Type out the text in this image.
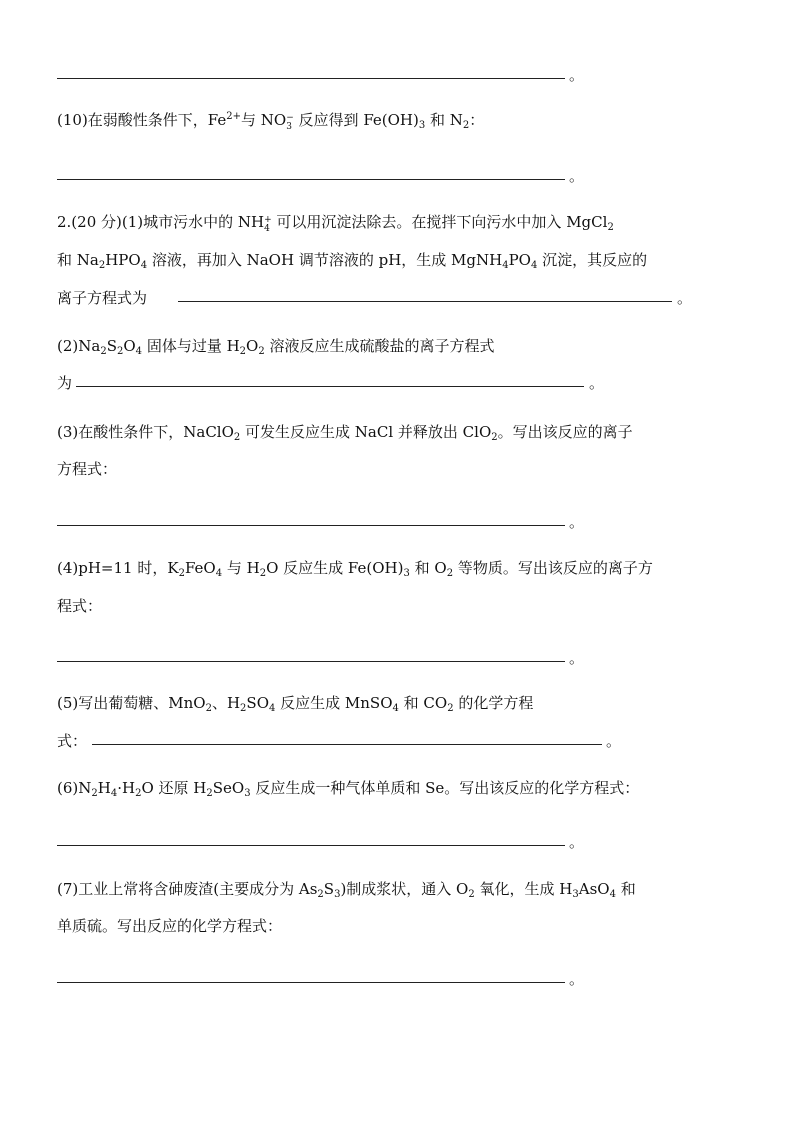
。
(10)在弱酸性条件下，$Fe^{2+}$与 NO −
3 反应得到 $Fe(OH)_3$ 和 $N_2$：
。
2.(20 分)(1)城市污水中的 NH +
4 可以用沉淀法除去。在搅拌下向污水中加入 MgCl$_2$
和 $Na_2HPO_4$ 溶液，再加入 NaOH 调节溶液的 pH，生成 $MgNH_4PO_4$ 沉淀，其反应的
离子方程式为	。
$(2)Na_2S_2O_4$ 固体与过量 $H_2O_2$ 溶液反应生成硫酸盐的离子方程式
为	。
(3)在酸性条件下，NaClO$_2$ 可发生反应生成 NaCl 并释放出 ClO$_2$。写出该反应的离子
方程式：
。
(4)pH=11 时，$K_2FeO_4$ 与 $H_2O$ 反应生成 $Fe(OH)_3$ 和 $O_2$ 等物质。写出该反应的离子方
程式：
。
(5)写出葡萄糖、MnO$_2$、$H_2SO_4$ 反应生成 MnSO$_4$ 和 $CO_2$ 的化学方程
式：	。
$(6)N_2H_4\cdot H_2O$ 还原 $H_2SeO_3$ 反应生成一种气体单质和 Se。写出该反应的化学方程式：
。
(7)工业上常将含砷废渣(主要成分为 $As_2S_3$)制成浆状，通入 $O_2$ 氧化，生成 $H_3AsO_4$ 和
单质硫。写出反应的化学方程式：
。
